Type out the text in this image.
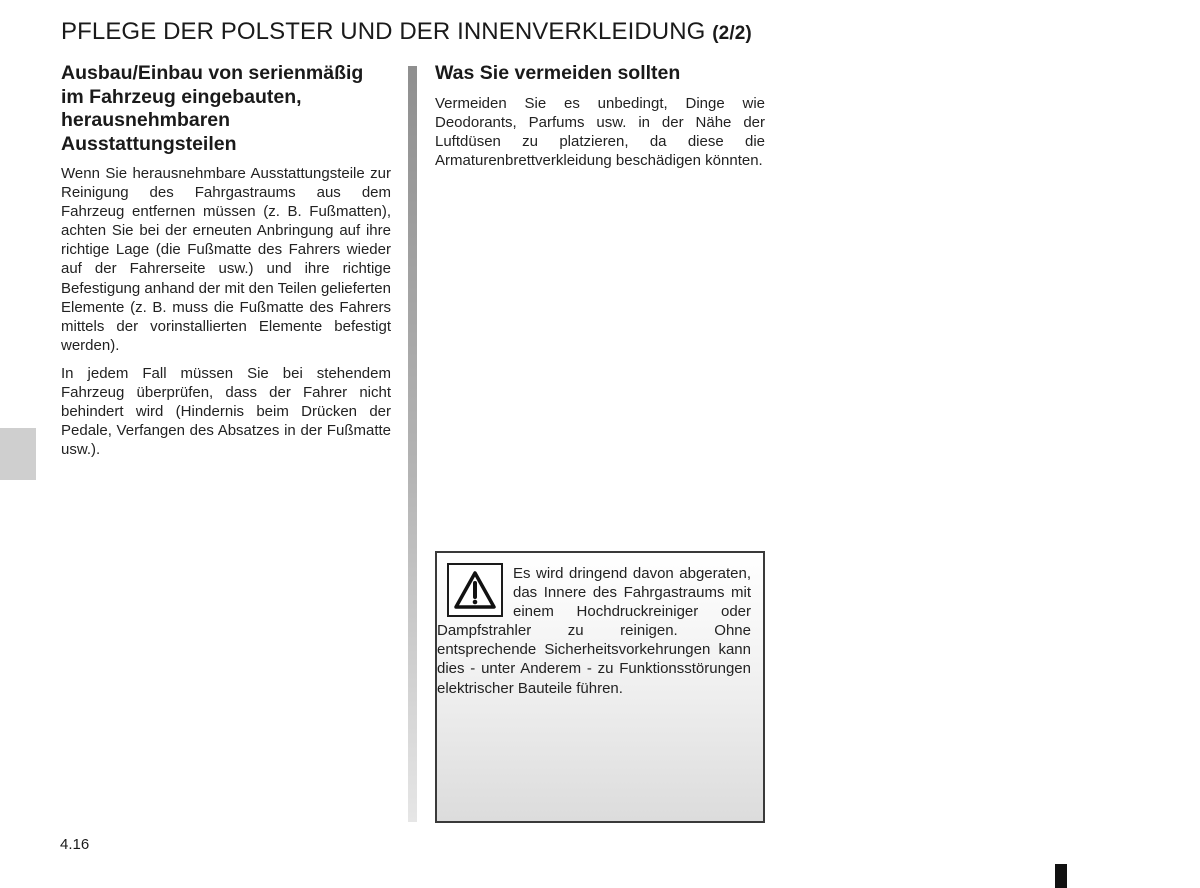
PFLEGE DER POLSTER UND DER INNENVERKLEIDUNG (2/2)
Ausbau/Einbau von serienmäßig im Fahrzeug eingebauten, herausnehmbaren Ausstattungsteilen

Wenn Sie herausnehmbare Ausstattungsteile zur Reinigung des Fahrgastraums aus dem Fahrzeug entfernen müssen (z. B. Fußmatten), achten Sie bei der erneuten Anbringung auf ihre richtige Lage (die Fußmatte des Fahrers wieder auf der Fahrerseite usw.) und ihre richtige Befestigung anhand der mit den Teilen gelieferten Elemente (z. B. muss die Fußmatte des Fahrers mittels der vorinstallierten Elemente befestigt werden).

In jedem Fall müssen Sie bei stehendem Fahrzeug überprüfen, dass der Fahrer nicht behindert wird (Hindernis beim Drücken der Pedale, Verfangen des Absatzes in der Fußmatte usw.).

Was Sie vermeiden sollten

Vermeiden Sie es unbedingt, Dinge wie Deodorants, Parfums usw. in der Nähe der Luftdüsen zu platzieren, da diese die Armaturenbrettverkleidung beschädigen könnten.

Es wird dringend davon abgeraten, das Innere des Fahrgastraums mit einem Hochdruckreiniger oder Dampfstrahler zu reinigen. Ohne entsprechende Sicherheitsvorkehrungen kann dies - unter Anderem - zu Funktionsstörungen elektrischer Bauteile führen.

4.16
